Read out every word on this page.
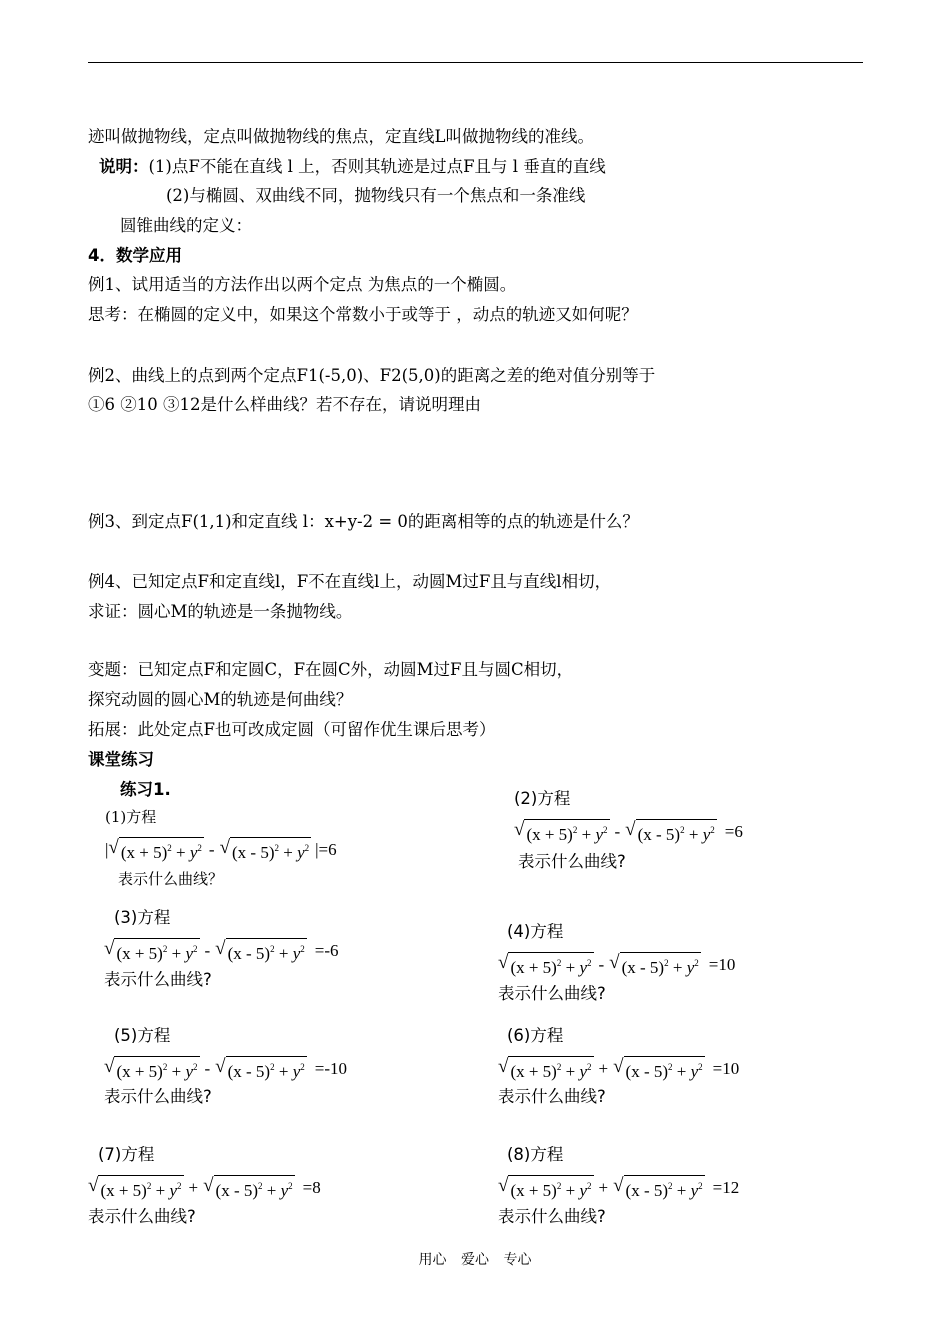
迹叫做抛物线，定点叫做抛物线的焦点，定直线L叫做抛物线的准线。
说明：(1)点F不能在直线 l 上，否则其轨迹是过点F且与 l 垂直的直线
(2)与椭圆、双曲线不同，抛物线只有一个焦点和一条准线
圆锥曲线的定义：
4．数学应用
例1、试用适当的方法作出以两个定点 为焦点的一个椭圆。
思考：在椭圆的定义中，如果这个常数小于或等于 ，动点的轨迹又如何呢？
例2、曲线上的点到两个定点F1(-5,0)、F2(5,0)的距离之差的绝对值分别等于
①6 ②10 ③12是什么样曲线？若不存在，请说明理由
例3、到定点F(1,1)和定直线 l：x+y-2 = 0的距离相等的点的轨迹是什么？
例4、已知定点F和定直线l，F不在直线l上，动圆M过F且与直线l相切，
求证：圆心M的轨迹是一条抛物线。
变题：已知定点F和定圆C，F在圆C外，动圆M过F且与圆C相切，
探究动圆的圆心M的轨迹是何曲线？
拓展：此处定点F也可改成定圆（可留作优生课后思考）
课堂练习
练习1.
(1)方程
表示什么曲线？
(2)方程
表示什么曲线?
(3)方程
表示什么曲线?
(4)方程
表示什么曲线?
(5)方程
表示什么曲线?
(6)方程
表示什么曲线?
(7)方程
表示什么曲线?
(8)方程
表示什么曲线?
| √ $(x + 5)^2 + y^2$ - √ $(x - 5)^2 + y^2$ |=6
√ $(x + 5)^2 + y^2$ - √ $(x - 5)^2 + y^2 =6$
√ $(x + 5)^2 + y^2$ - √ $(x - 5)^2 + y^2 =-6$
√ $(x + 5)^2 + y^2$ - √ $(x - 5)^2 + y^2 =10$
√ $(x + 5)^2 + y^2$ - √ $(x - 5)^2 + y^2 =-10$	√ $(x + 5)^2 + y^2$ + √ $(x - 5)^2 + y^2 =10$
√ $(x + 5)^2 + y^2$ + √ $(x - 5)^2 + y^2 =8$	√ $(x + 5)^2 + y^2$ + √ $(x - 5)^2 + y^2 =12$
用心 爱心 专心
